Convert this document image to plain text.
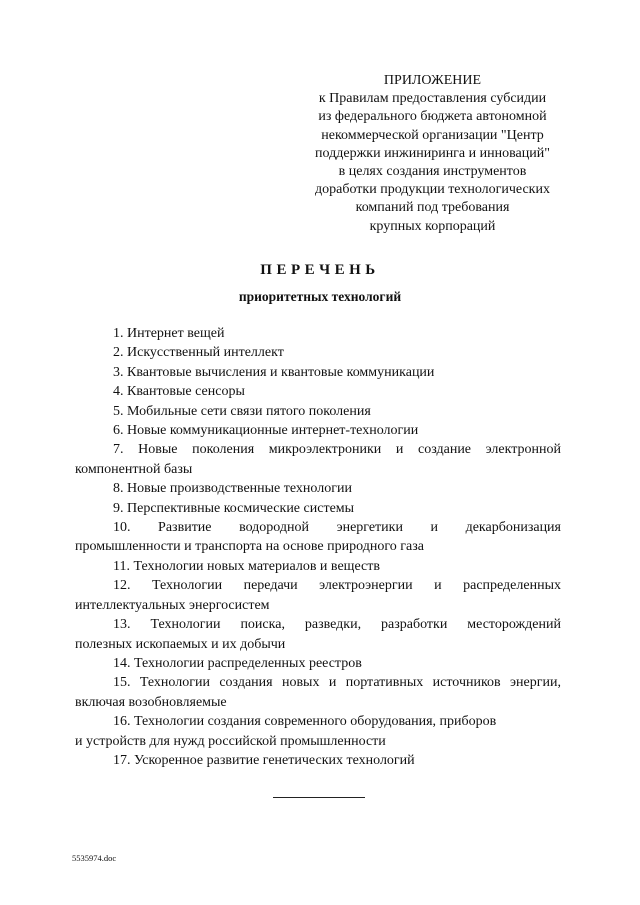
ПРИЛОЖЕНИЕ
к Правилам предоставления субсидии
из федерального бюджета автономной
некоммерческой организации "Центр
поддержки инжиниринга и инноваций"
в целях создания инструментов
доработки продукции технологических
компаний под требования
крупных корпораций
ПЕРЕЧЕНЬ
приоритетных технологий
1. Интернет вещей
2. Искусственный интеллект
3. Квантовые вычисления и квантовые коммуникации
4. Квантовые сенсоры
5. Мобильные сети связи пятого поколения
6. Новые коммуникационные интернет-технологии
7. Новые поколения микроэлектроники и создание электронной
компонентной базы
8. Новые производственные технологии
9. Перспективные космические системы
10. Развитие водородной энергетики и декарбонизация
промышленности и транспорта на основе природного газа
11. Технологии новых материалов и веществ
12. Технологии передачи электроэнергии и распределенных
интеллектуальных энергосистем
13. Технологии поиска, разведки, разработки месторождений
полезных ископаемых и их добычи
14. Технологии распределенных реестров
15. Технологии создания новых и портативных источников энергии,
включая возобновляемые
16. Технологии создания современного оборудования, приборов
и устройств для нужд российской промышленности
17. Ускоренное развитие генетических технологий
5535974.doc
